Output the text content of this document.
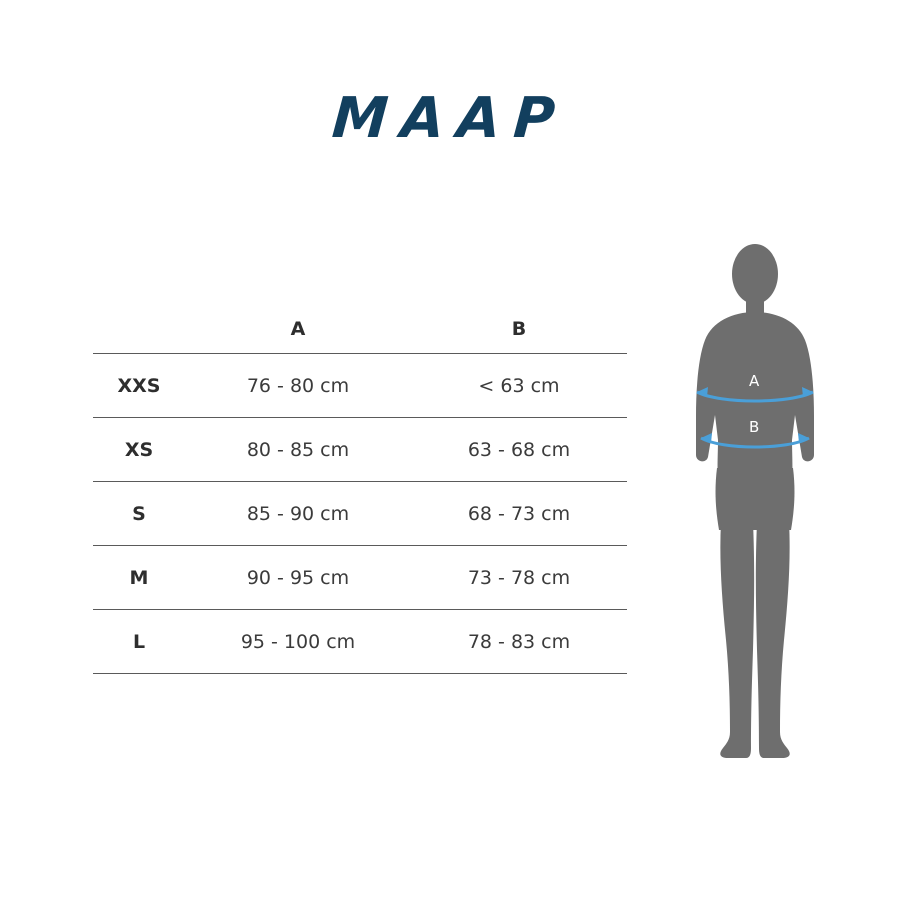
MAAP
	A	B
XXS	76 - 80 cm	< 63 cm
XS	80 - 85 cm	63 - 68 cm
S	85 - 90 cm	68 - 73 cm
M	90 - 95 cm	73 - 78 cm
L	95 - 100 cm	78 - 83 cm
A
B
